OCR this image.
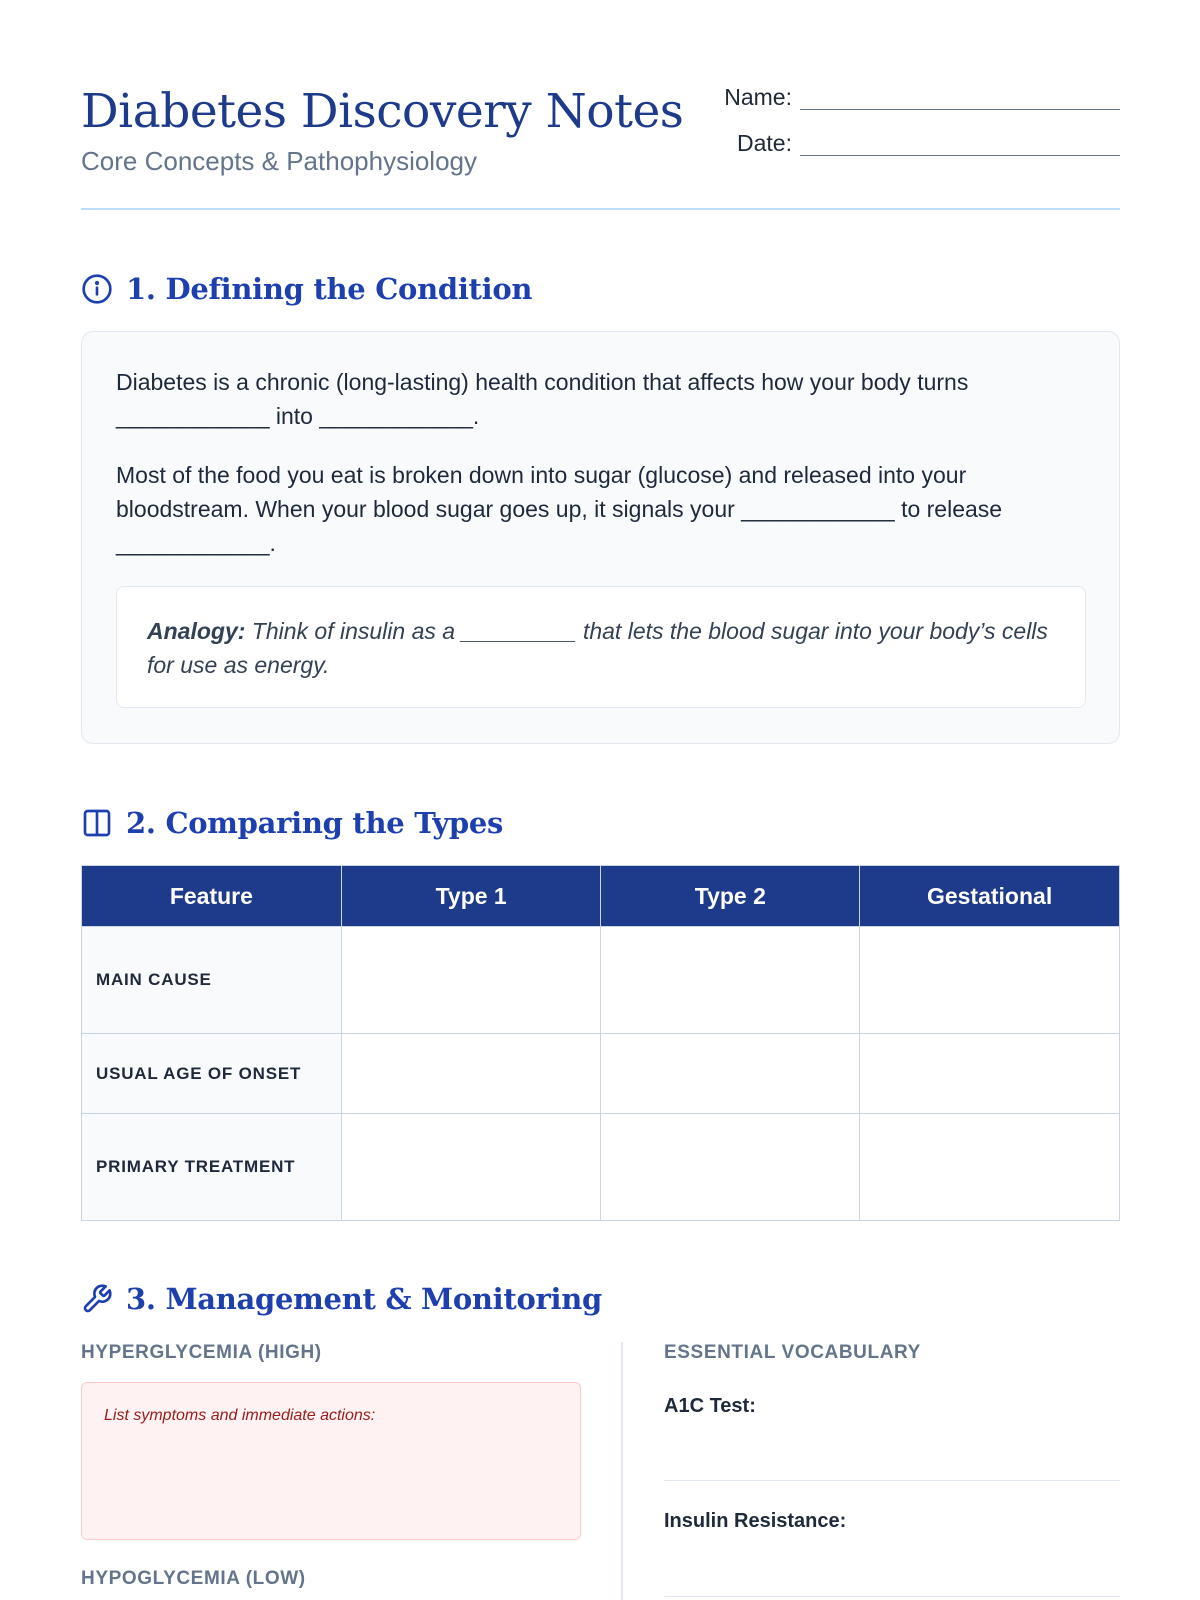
Diabetes Discovery Notes
Core Concepts & Pathophysiology
Name:
Date:
1. Defining the Condition

Diabetes is a chronic (long-lasting) health condition that affects how your body turns ____________ into ____________.

Most of the food you eat is broken down into sugar (glucose) and released into your bloodstream. When your blood sugar goes up, it signals your ____________ to release ____________.

Analogy: Think of insulin as a _________ that lets the blood sugar into your body’s cells for use as energy.
2. Comparing the Types
Feature	Type 1	Type 2	Gestational
MAIN CAUSE			
USUAL AGE OF ONSET			
PRIMARY TREATMENT			
3. Management & Monitoring
HYPERGLYCEMIA (HIGH)
List symptoms and immediate actions:
HYPOGLYCEMIA (LOW)
ESSENTIAL VOCABULARY
A1C Test:
Insulin Resistance:
